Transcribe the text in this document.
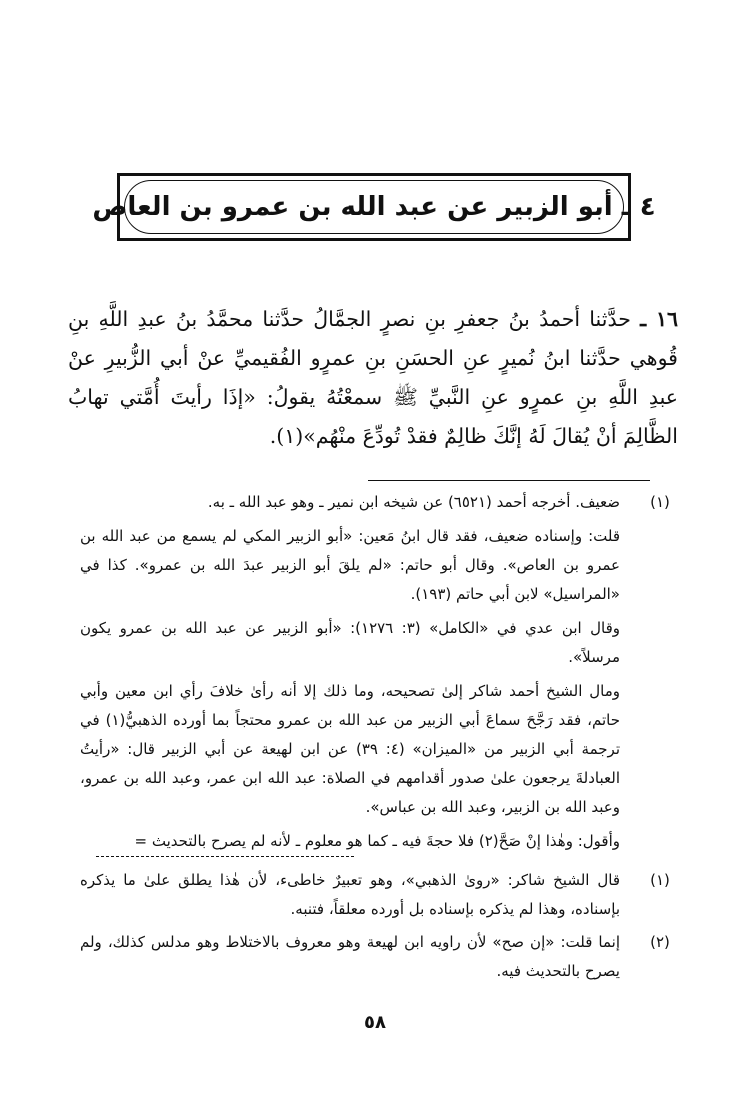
٤ ـ أبو الزبير عن عبد الله بن عمرو بن العاص
١٦ ـ حدَّثنا أحمدُ بنُ جعفرِ بنِ نصرٍ الجمَّالُ حدَّثنا محمَّدُ بنُ عبدِ اللَّهِ بنِ قُوهي حدَّثنا ابنُ نُميرٍ عنِ الحسَنِ بنِ عمرٍو الفُقيميِّ عنْ أبي الزُّبيرِ عنْ عبدِ اللَّهِ بنِ عمرٍو عنِ النَّبيِّ ﷺ سمعْتُهُ يقولُ: «إذَا رأيتَ أُمَّتي تهابُ الظَّالِمَ أنْ يُقالَ لَهُ إنَّكَ ظالِمٌ فقدْ تُودِّعَ منْهُم»(١).
(١)

ضعيف. أخرجه أحمد (٦٥٢١) عن شيخه ابن نمير ـ وهو عبد الله ـ به.

قلت: وإسناده ضعيف، فقد قال ابنُ مَعين: «أبو الزبير المكي لم يسمع من عبد الله بن عمرو بن العاص». وقال أبو حاتم: «لم يلقَ أبو الزبير عبدَ الله بن عمرو». كذا في «المراسيل» لابن أبي حاتم (١٩٣).

وقال ابن عدي في «الكامل» (٣: ١٢٧٦): «أبو الزبير عن عبد الله بن عمرو يكون مرسلاً».

ومال الشيخ أحمد شاكر إلىٰ تصحيحه، وما ذلك إلا أنه رأىٰ خلافَ رأي ابن معين وأبي حاتم، فقد رَجَّحَ سماعَ أبي الزبير من عبد الله بن عمرو محتجاً بما أورده الذهبيُّ(١) في ترجمة أبي الزبير من «الميزان» (٤: ٣٩) عن ابن لهيعة عن أبي الزبير قال: «رأيتُ العبادلةَ يرجعون علىٰ صدور أقدامهم في الصلاة: عبد الله ابن عمر، وعبد الله بن عمرو، وعبد الله بن الزبير، وعبد الله بن عباس».

وأقول: وهٰذا إنْ صَحَّ(٢) فلا حجةَ فيه ـ كما هو معلوم ـ لأنه لم يصرح بالتحديث =

(١)
قال الشيخ شاكر: «روىٰ الذهبي»، وهو تعبيرٌ خاطىء، لأن هٰذا يطلق علىٰ ما يذكره بإسناده، وهذا لم يذكره بإسناده بل أورده معلقاً، فتنبه.
(٢)
إنما قلت: «إن صح» لأن راويه ابن لهيعة وهو معروف بالاختلاط وهو مدلس كذلك، ولم يصرح بالتحديث فيه.
٥٨
